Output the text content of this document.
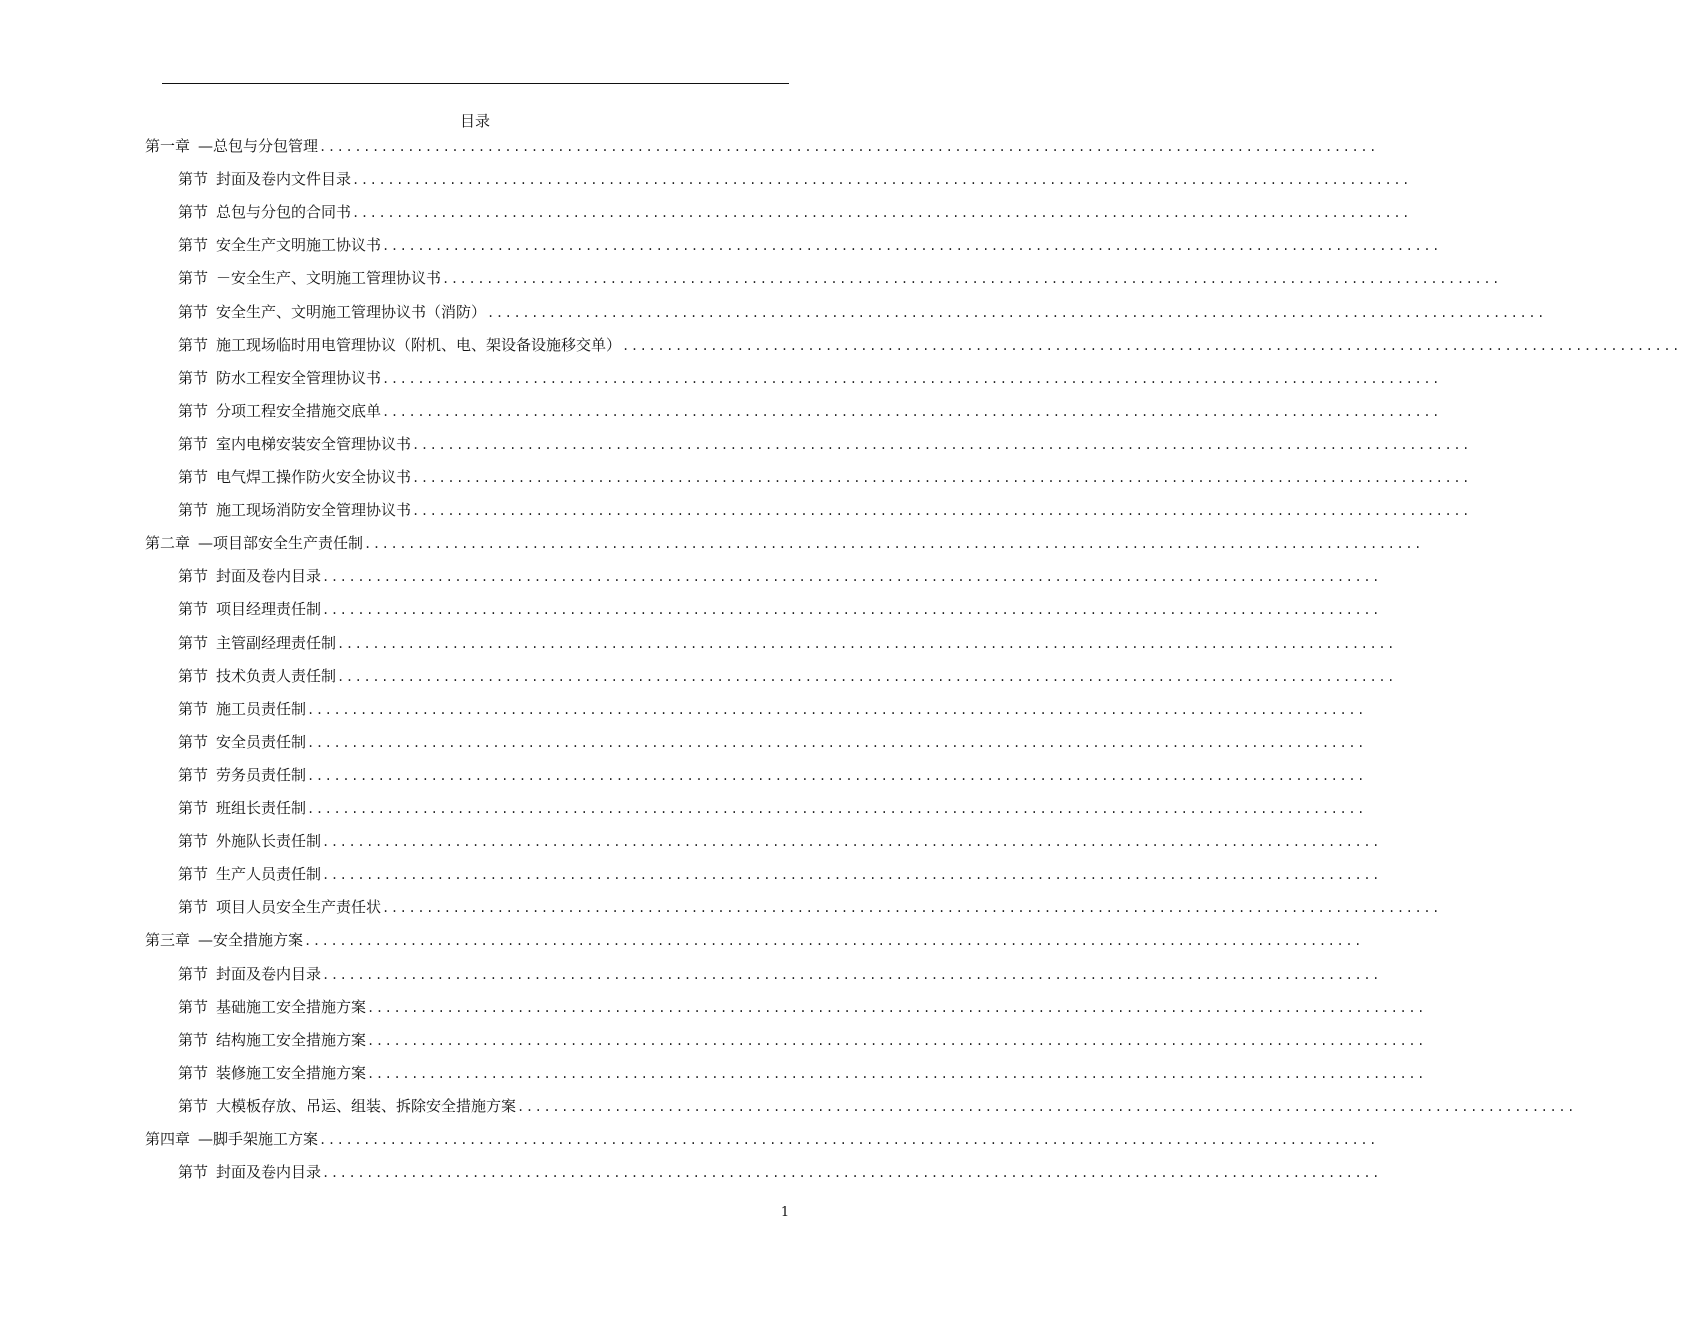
目录
第一章 —总包与分包管理 ........................................................................................................................
第节 封面及卷内文件目录 ........................................................................................................................
第节 总包与分包的合同书 ........................................................................................................................
第节 安全生产文明施工协议书 ........................................................................................................................
第节 －安全生产、文明施工管理协议书 ........................................................................................................................
第节 安全生产、文明施工管理协议书（消防） ........................................................................................................................
第节 施工现场临时用电管理协议（附机、电、架设备设施移交单） ........................................................................................................................
第节 防水工程安全管理协议书 ........................................................................................................................
第节 分项工程安全措施交底单 ........................................................................................................................
第节 室内电梯安装安全管理协议书 ........................................................................................................................
第节 电气焊工操作防火安全协议书 ........................................................................................................................
第节 施工现场消防安全管理协议书 ........................................................................................................................
第二章 —项目部安全生产责任制 ........................................................................................................................
第节 封面及卷内目录 ........................................................................................................................
第节 项目经理责任制 ........................................................................................................................
第节 主管副经理责任制 ........................................................................................................................
第节 技术负责人责任制 ........................................................................................................................
第节 施工员责任制 ........................................................................................................................
第节 安全员责任制 ........................................................................................................................
第节 劳务员责任制 ........................................................................................................................
第节 班组长责任制 ........................................................................................................................
第节 外施队长责任制 ........................................................................................................................
第节 生产人员责任制 ........................................................................................................................
第节 项目人员安全生产责任状 ........................................................................................................................
第三章 —安全措施方案 ........................................................................................................................
第节 封面及卷内目录 ........................................................................................................................
第节 基础施工安全措施方案 ........................................................................................................................
第节 结构施工安全措施方案 ........................................................................................................................
第节 装修施工安全措施方案 ........................................................................................................................
第节 大模板存放、吊运、组装、拆除安全措施方案 ........................................................................................................................
第四章 —脚手架施工方案 ........................................................................................................................
第节 封面及卷内目录 ........................................................................................................................
1
